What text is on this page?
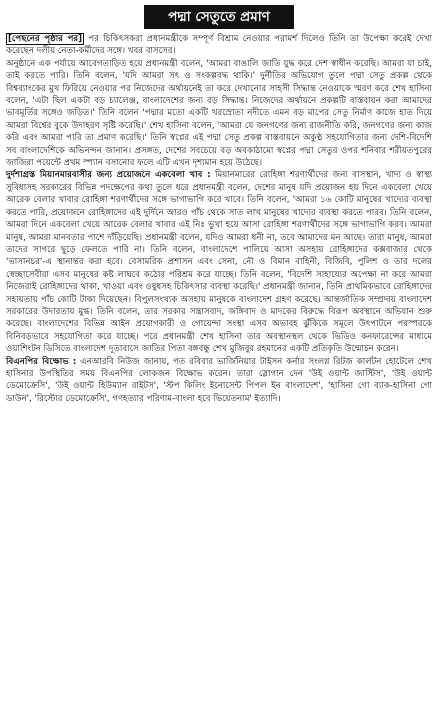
পদ্মা সেতুতে প্রমাণ

[পেছনের পৃষ্ঠার পর] পর চিকিৎসকরা প্রধানমন্ত্রীকে সম্পূর্ণ বিশ্রাম নেওয়ার পরামর্শ দিলেও তিনি তা উপেক্ষা করেই দেখা করেছেন দলীয় নেতা-কর্মীদের সঙ্গে। খবর বাসসের।

অনুষ্ঠানে এক পর্যায়ে আবেগতাড়িত হয়ে প্রধানমন্ত্রী বলেন, 'আমরা বাঙালি জাতি যুদ্ধ করে দেশ স্বাধীন করেছি। আমরা যা চাই, তাই করতে পারি। তিনি বলেন, 'যদি আমরা সৎ ও সংকল্পবদ্ধ থাকি।' দুর্নীতির অভিযোগ তুলে পদ্মা সেতু প্রকল্প থেকে বিশ্বব্যাংকের মুখ ফিরিয়ে নেওয়ার পর নিজেদের অর্থায়নেই তা করে দেখানোর সাহসী সিদ্ধান্ত নেওয়াকে স্মরণ করে শেখ হাসিনা বলেন, 'এটা ছিল একটা বড় চ্যালেঞ্জ, বাংলাদেশের জন্য বড় সিদ্ধান্ত। নিজেদের অর্থায়নে প্রকল্পটি বাস্তবায়ন করা আমাদের ভাবমূর্তির সঙ্গেও জড়িত।' তিনি বলেন 'পদ্মার মতো একটি খরস্রোতা নদীতে এমন বড় মাপের সেতু নির্মাণ কাজে হাত দিয়ে আমরা বিশ্বের বুকে উদাহরণ সৃষ্টি করেছি।' শেখ হাসিনা বলেন, 'আমরা যে জনগণের জন্য রাজনীতি করি, জনগণের জন্য কাজ করি এবং আমরা পারি তা প্রমাণ করেছি।' তিনি স্বপ্নের এই পদ্মা সেতু প্রকল্প বাস্তবায়নে অকুণ্ঠ সহযোগিতার জন্য দেশি-বিদেশি সব বাংলাদেশিকে অভিনন্দন জানান। প্রসঙ্গত, দেশের সবচেয়ে বড় অবকাঠামো স্বপ্নের পদ্মা সেতুর ওপর শনিবার শরীয়তপুরের জাজিরা পয়েন্টে প্রথম স্প্যান বসানোর ফলে এটি এখন দৃশ্যমান হয়ে উঠেছে।

দুর্দশাগ্রস্ত মিয়ানমারবাসীর জন্য প্রয়োজনে একবেলা খাব : মিয়ানমারের রোহিঙ্গা শরণার্থীদের জন্য বাসস্থান, খাদ্য ও স্বাস্থ্য সুবিধাসহ সরকারের বিভিন্ন পদক্ষেপের কথা তুলে ধরে প্রধানমন্ত্রী বলেন, দেশের মানুষ যদি প্রয়োজন হয় দিনে একবেলা খেয়ে আরেক বেলার খাবার রোহিঙ্গা শরণার্থীদের সঙ্গে ভাগাভাগি করে খাবে। তিনি বলেন, 'আমরা ১৬ কোটি মানুষের খাদ্যের ব্যবস্থা করতে পারি, প্রয়োজনে রোহিঙ্গাদের এই দুর্দিনে আরও পাঁচ থেকে সাত লাখ মানুষের খাদ্যের ব্যবস্থা করতে পারব। তিনি বলেন, আমরা দিনে একবেলা খেয়ে আরেক বেলার খাবার এই নিঃ ভুখা হয়ে আসা রোহিঙ্গা শরণার্থীদের সঙ্গে ভাগাভাগি করব। আমরা মানুষ, আমরা মানবতার পাশে দাঁড়িয়েছি। প্রধানমন্ত্রী বলেন, যদিও আমরা ধনী না, তবে আমাদের মন আছে। তারা মানুষ, আমরা তাদের সাগরে ছুড়ে ফেলতে পারি না। তিনি বলেন, বাংলাদেশে পালিয়ে আসা অসহায় রোহিঙ্গাদের কক্সবাজার থেকে 'ভাসানচর'-এ স্থানান্তর করা হবে। বেসামরিক প্রশাসন এবং সেনা, নৌ ও বিমান বাহিনী, বিজিবি, পুলিশ ও তার দলের স্বেচ্ছাসেবীরা এসব মানুষের কষ্ট লাঘবে কঠোর পরিশ্রম করে যাচ্ছে। তিনি বলেন, 'বিদেশি সাহায্যের অপেক্ষা না করে আমরা নিজেরাই রোহিঙ্গাদের থাকা, খাওয়া এবং ওষুধসহ চিকিৎসার ব্যবস্থা করেছি।' প্রধানমন্ত্রী জানান, তিনি প্রাথমিকভাবে রোহিঙ্গাদের সহায়তায় পাঁচ কোটি টাকা দিয়েছেন। বিপুলসংখ্যক অসহায় মানুষকে বাংলাদেশ গ্রহণ করেছে। আন্তর্জাতিক সম্প্রদায় বাংলাদেশ সরকারের উদারতায় মুগ্ধ। তিনি বলেন, তার সরকার সন্ত্রাসবাদ, জঙ্গিবাদ ও মাদকের বিরুদ্ধে বিরূপ অবস্থানে অভিযান শুরু করেছে। বাংলাদেশের বিভিন্ন আইন প্রয়োগকারী ও গোয়েন্দা সংস্থা এসব অভাবহ ঝুঁকিকে সমূলে উৎপাটনে পরস্পরকে বিনিবড়ভাবে সহযোগিতা করে যাচ্ছে। পরে প্রধানমন্ত্রী শেখ হাসিনা তার অবস্থানস্থল থেকে ভিডিও কনফারেন্সের মাধ্যমে ওয়াশিংটন ডিসিতে বাংলাদেশ দূতাবাসে জাতির পিতা বঙ্গবন্ধু শেখ মুজিবুর রহমানের একটি প্রতিকৃতি উন্মোচন করেন।

বিএনপির বিক্ষোভ : এনআরবি নিউজ জানায়, গত রবিবার ভার্জিনিয়ার টাইসন কর্নার সংলগ্ন রিটজ কার্লটন হোটেলে শেখ হাসিনার উপস্থিতির সময় বিএনপির লোকজন বিক্ষোভ করেন। তারা স্লোগান দেন 'উই ওয়ান্ট জাস্টিস', 'উই ওয়ান্ট ডেমোক্রেসি', 'উই ওয়ান্ট হিউম্যান রাইটস', 'স্টপ কিলিং ইনোসেন্ট পিপল ইন বাংলাদেশ', 'হাসিনা গো ব্যাক-হাসিনা গো ডাউন', 'রিস্টোর ডেমোক্রেসি', গণহত্যার পরিণাম-বাংলা হবে ভিয়েতনাম' ইত্যাদি।
